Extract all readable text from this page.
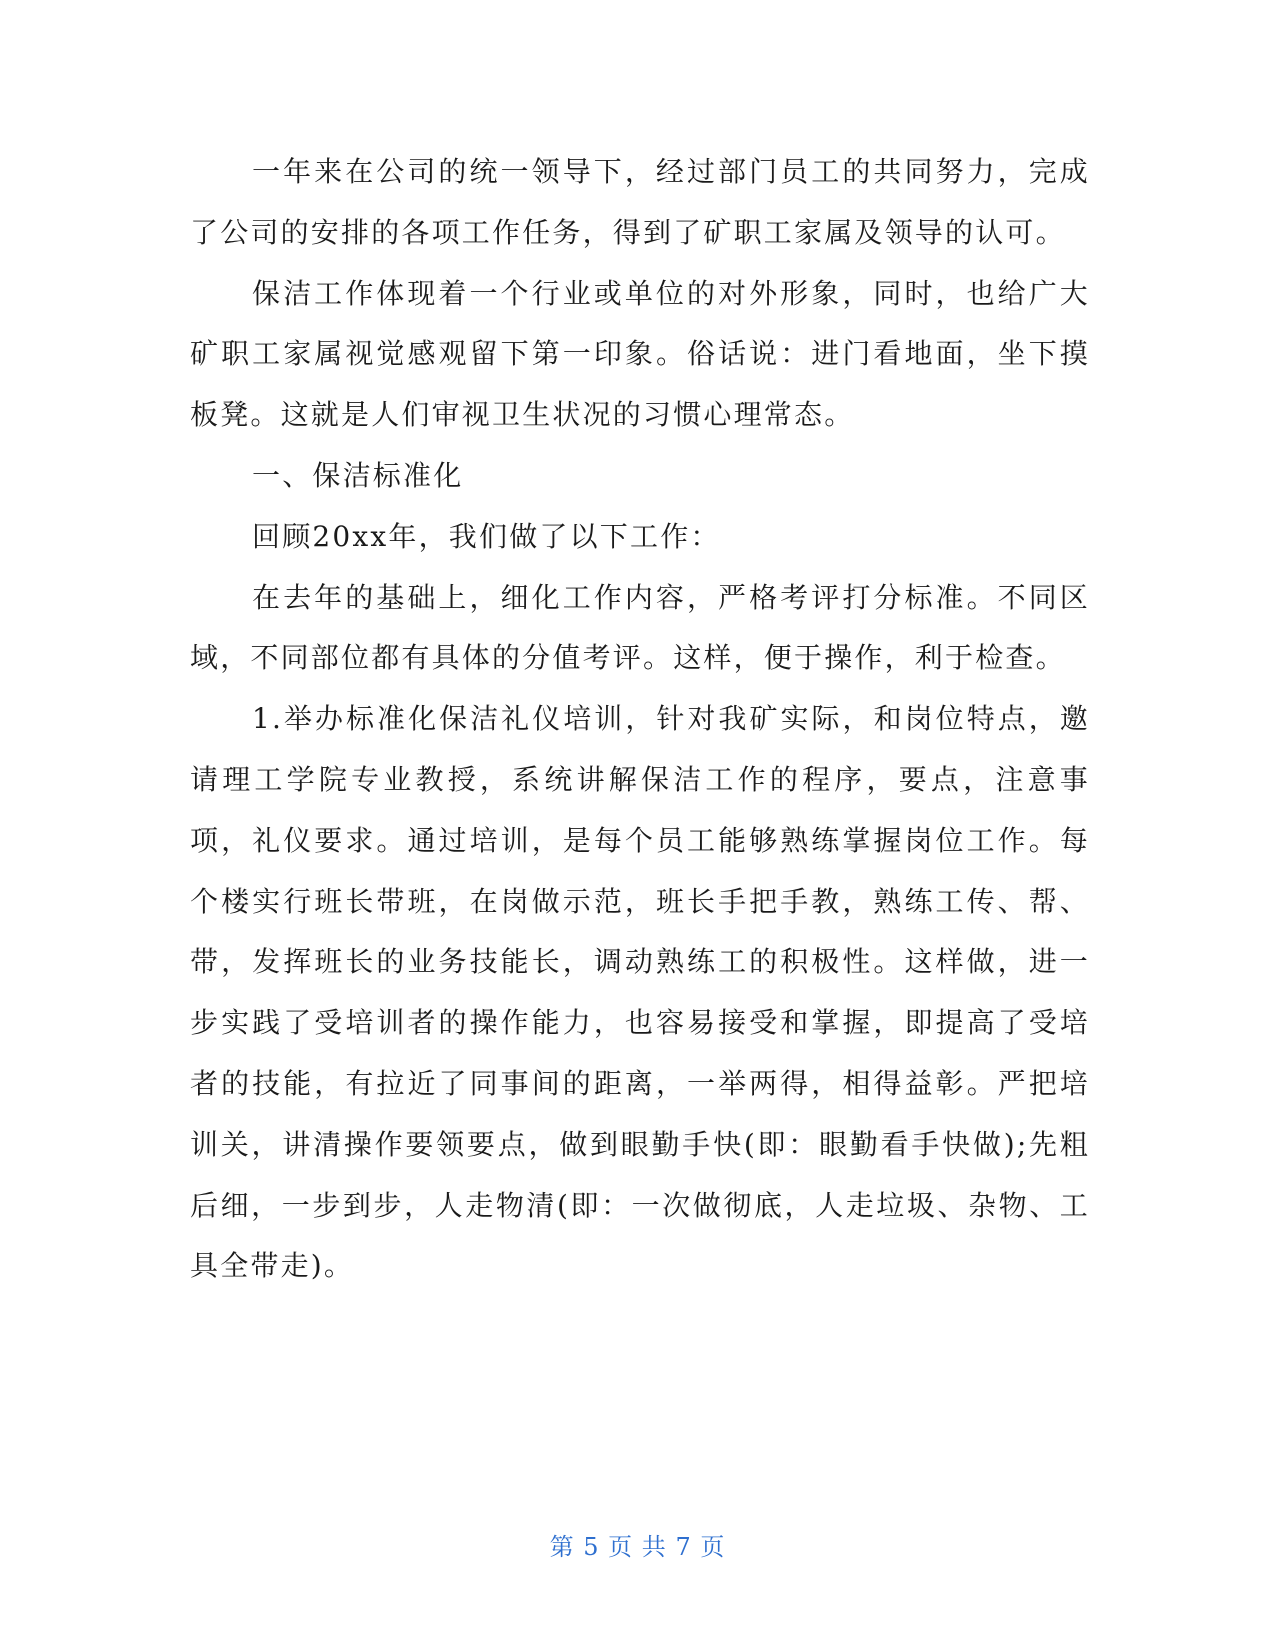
一年来在公司的统一领导下，经过部门员工的共同努力，完成了公司的安排的各项工作任务，得到了矿职工家属及领导的认可。

保洁工作体现着一个行业或单位的对外形象，同时，也给广大矿职工家属视觉感观留下第一印象。俗话说：进门看地面，坐下摸板凳。这就是人们审视卫生状况的习惯心理常态。

一、保洁标准化

回顾20xx年，我们做了以下工作：

在去年的基础上，细化工作内容，严格考评打分标准。不同区域，不同部位都有具体的分值考评。这样，便于操作，利于检查。

1.举办标准化保洁礼仪培训，针对我矿实际，和岗位特点，邀请理工学院专业教授，系统讲解保洁工作的程序，要点，注意事项，礼仪要求。通过培训，是每个员工能够熟练掌握岗位工作。每个楼实行班长带班，在岗做示范，班长手把手教，熟练工传、帮、带，发挥班长的业务技能长，调动熟练工的积极性。这样做，进一步实践了受培训者的操作能力，也容易接受和掌握，即提高了受培者的技能，有拉近了同事间的距离，一举两得，相得益彰。严把培训关，讲清操作要领要点，做到眼勤手快(即：眼勤看手快做);先粗后细，一步到步，人走物清(即：一次做彻底，人走垃圾、杂物、工具全带走)。

第 5 页 共 7 页
